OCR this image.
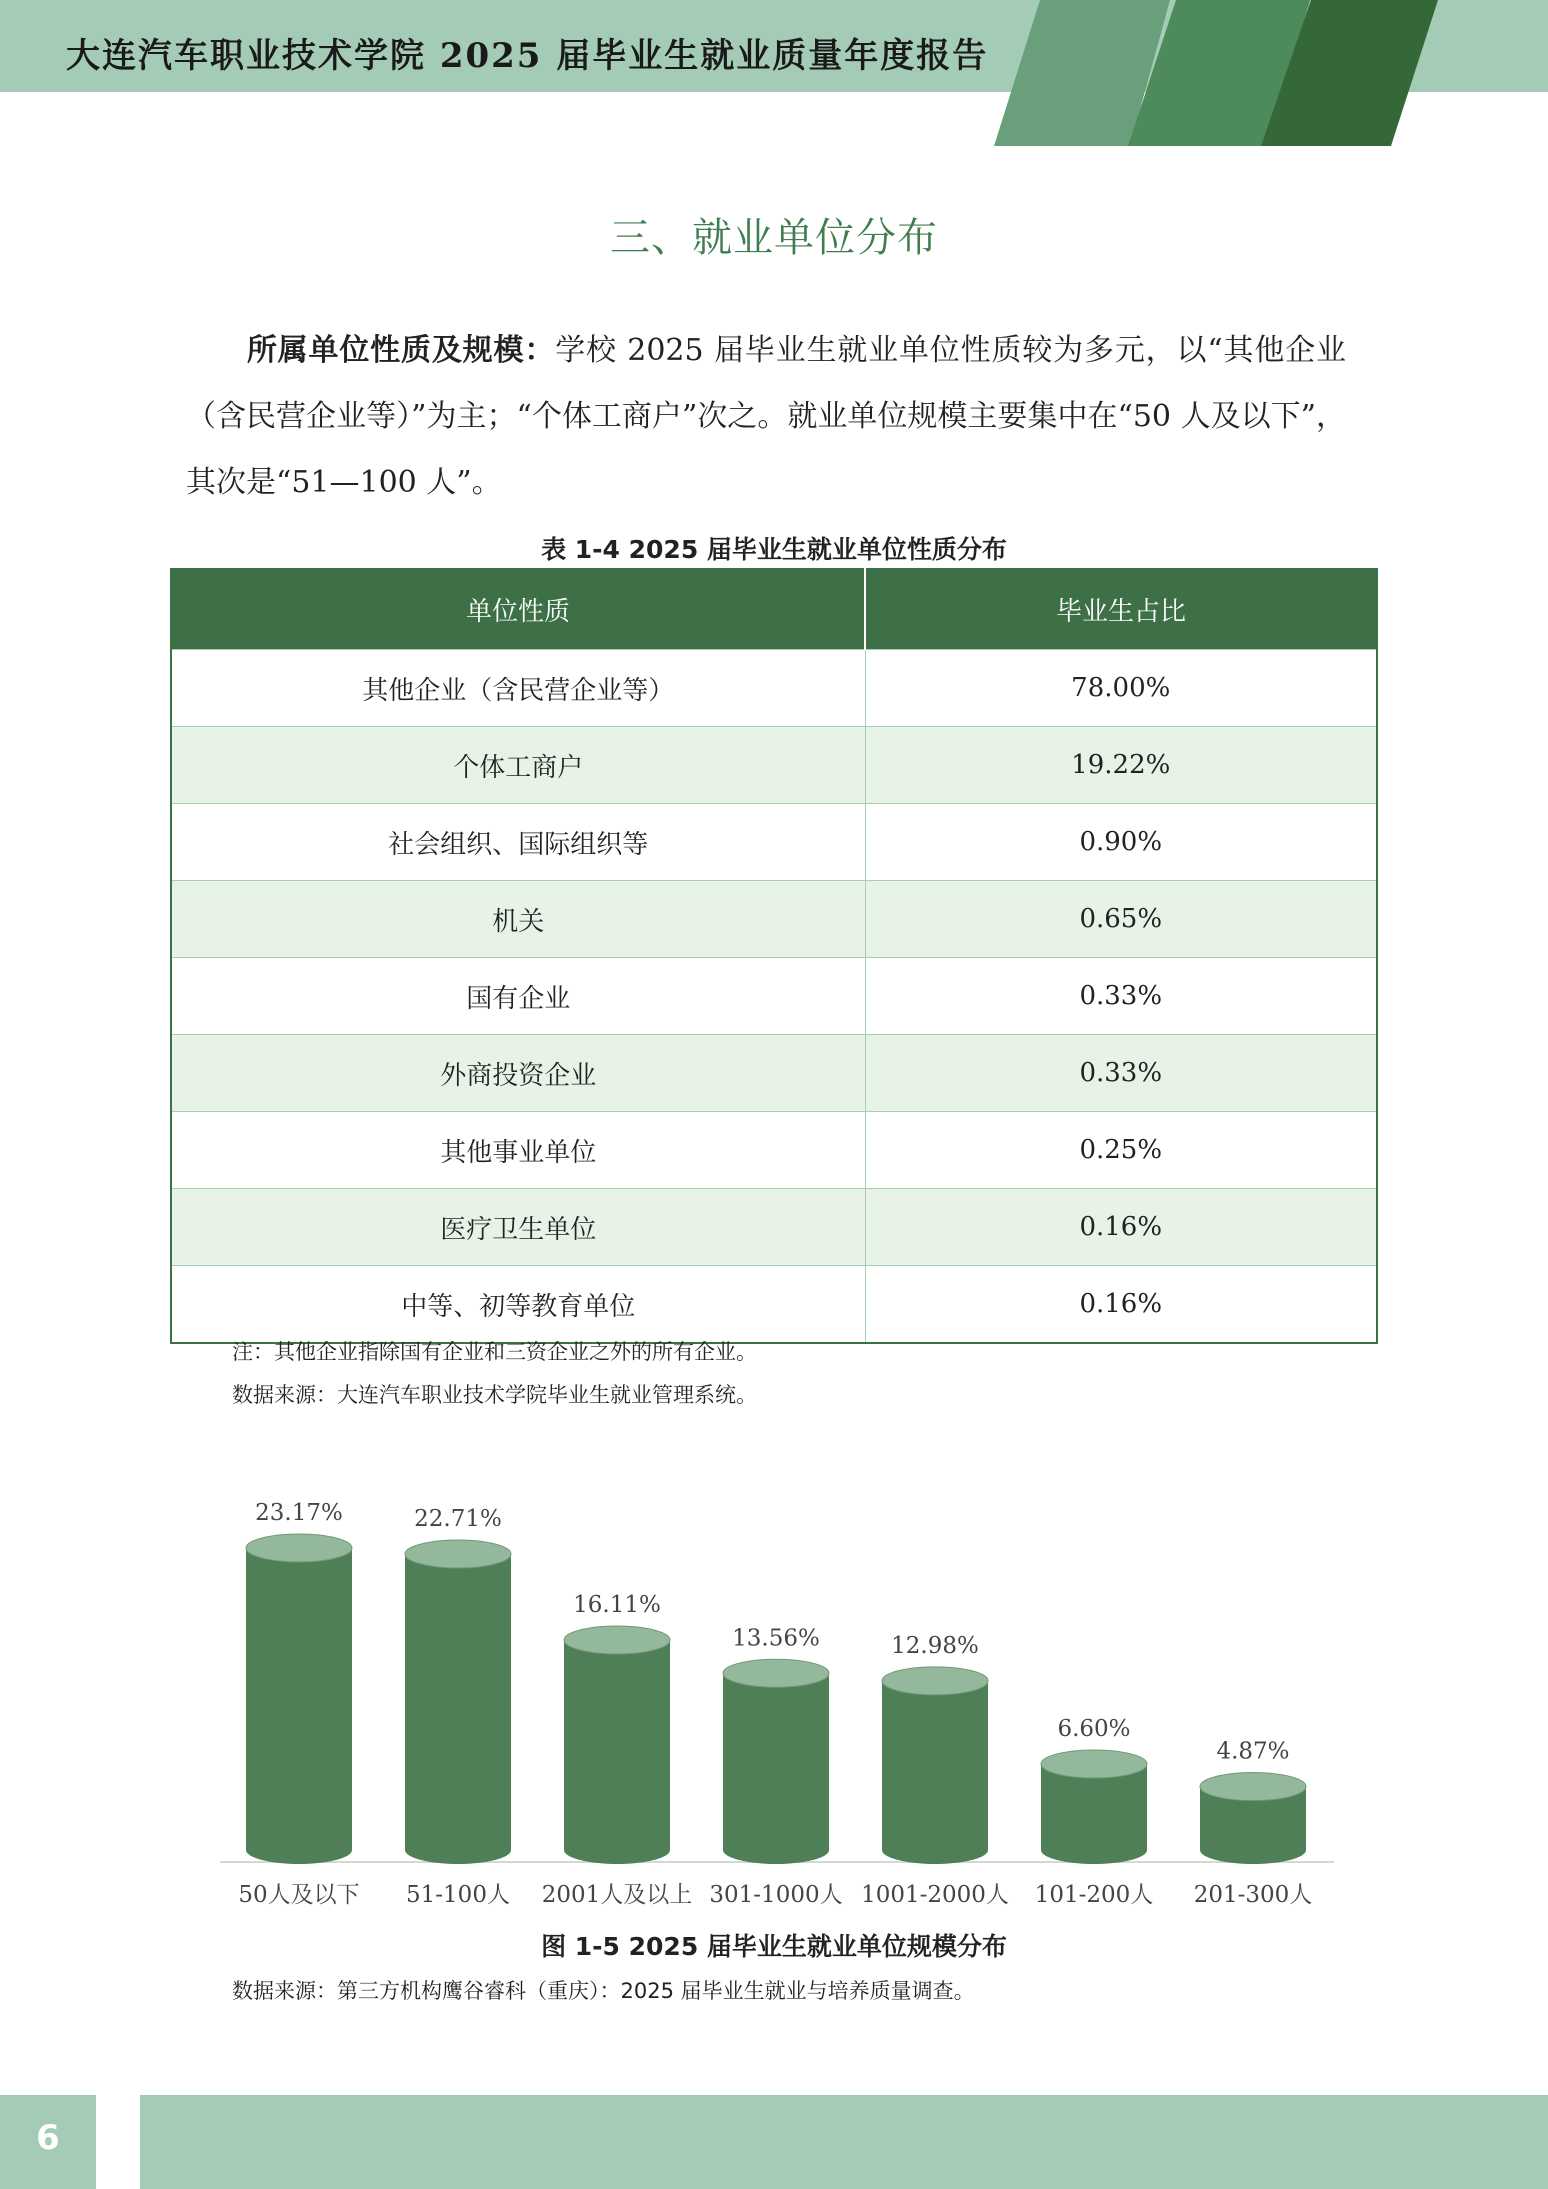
大连汽车职业技术学院 2025 届毕业生就业质量年度报告
三、就业单位分布
所属单位性质及规模：学校 2025 届毕业生就业单位性质较为多元，以“其他企业（含民营企业等）”为主；“个体工商户”次之。就业单位规模主要集中在“50 人及以下”，其次是“51—100 人”。
表 1-4 2025 届毕业生就业单位性质分布
单位性质	毕业生占比
其他企业（含民营企业等）	78.00%
个体工商户	19.22%
社会组织、国际组织等	0.90%
机关	0.65%
国有企业	0.33%
外商投资企业	0.33%
其他事业单位	0.25%
医疗卫生单位	0.16%
中等、初等教育单位	0.16%
注：其他企业指除国有企业和三资企业之外的所有企业。
数据来源：大连汽车职业技术学院毕业生就业管理系统。
23.17%
50人及以下
22.71%
51-100人
16.11%
2001人及以上
13.56%
301-1000人
12.98%
1001-2000人
6.60%
101-200人
4.87%
201-300人
图 1-5 2025 届毕业生就业单位规模分布
数据来源：第三方机构鹰谷睿科（重庆）：2025 届毕业生就业与培养质量调查。
6
